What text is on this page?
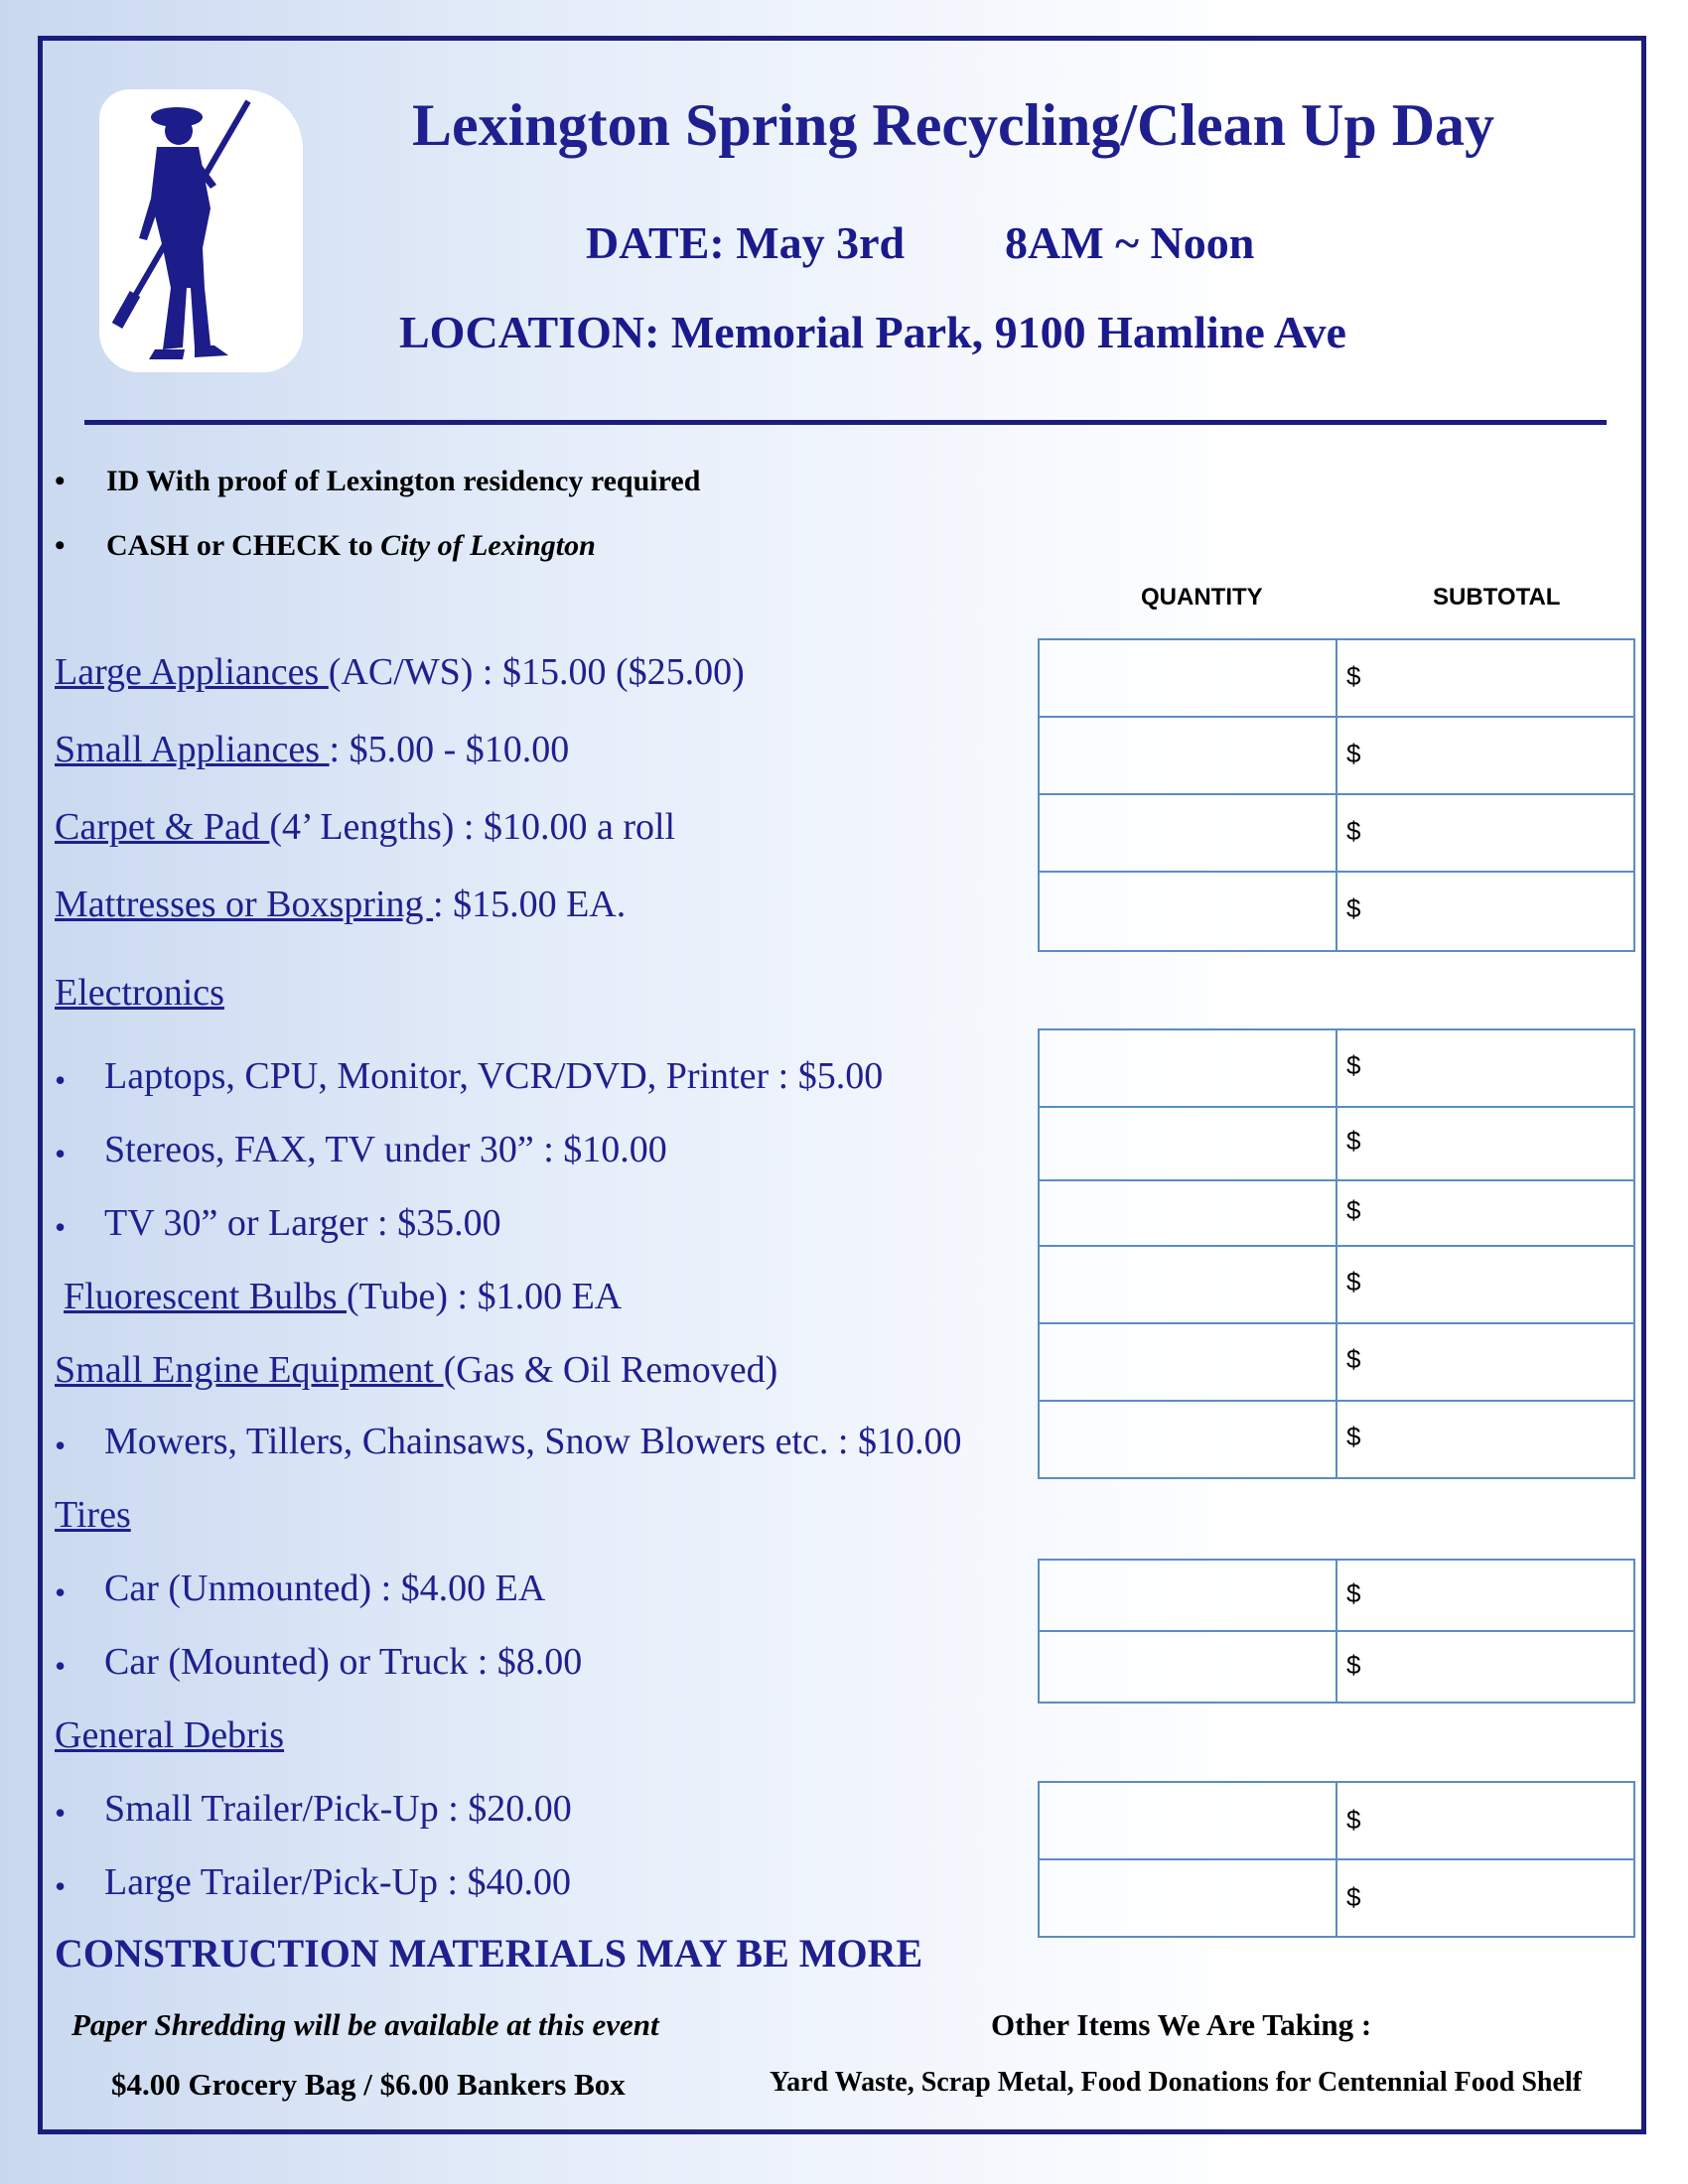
Lexington Spring Recycling/Clean Up Day
DATE: May 3rd 8AM ~ Noon
LOCATION: Memorial Park, 9100 Hamline Ave
• ID With proof of Lexington residency required
• CASH or CHECK to City of Lexington
QUANTITY	SUBTOTAL
Large Appliances (AC/WS) : $15.00 ($25.00)
Small Appliances : $5.00 - $10.00
Carpet & Pad (4’ Lengths) : $10.00 a roll
Mattresses or Boxspring : $15.00 EA.
Electronics
• Laptops, CPU, Monitor, VCR/DVD, Printer : $5.00
• Stereos, FAX, TV under 30” : $10.00
• TV 30” or Larger : $35.00
Fluorescent Bulbs (Tube) : $1.00 EA
Small Engine Equipment (Gas & Oil Removed)
• Mowers, Tillers, Chainsaws, Snow Blowers etc. : $10.00
Tires
• Car (Unmounted) : $4.00 EA
• Car (Mounted) or Truck : $8.00
General Debris
• Small Trailer/Pick-Up : $20.00
• Large Trailer/Pick-Up : $40.00
$
$
$
$
$
$
$
$
$
$
$
$
$
$
CONSTRUCTION MATERIALS MAY BE MORE
Paper Shredding will be available at this event
$4.00 Grocery Bag / $6.00 Bankers Box
Other Items We Are Taking :
Yard Waste, Scrap Metal, Food Donations for Centennial Food Shelf
